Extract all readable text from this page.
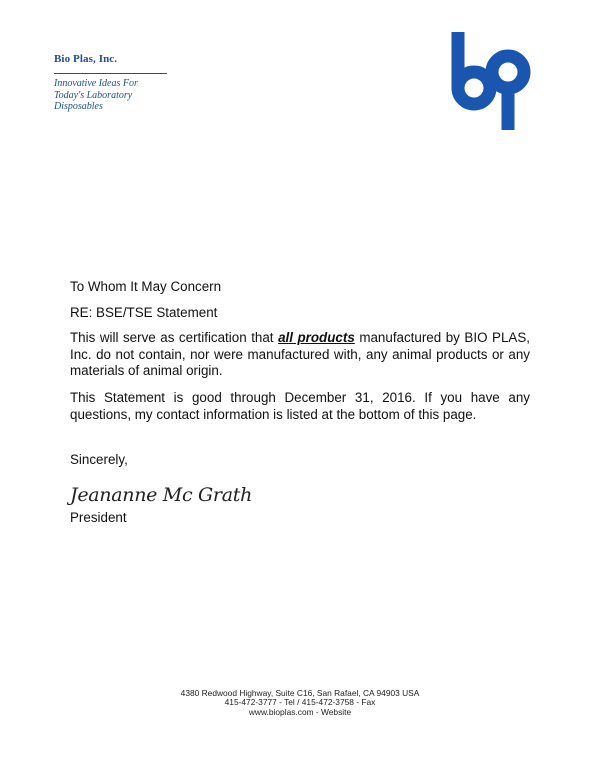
Bio Plas, Inc.
Innovative Ideas For
Today's Laboratory
Disposables
To Whom It May Concern
RE: BSE/TSE Statement
This will serve as certification that all products manufactured by BIO PLAS, Inc. do not contain, nor were manufactured with, any animal products or any materials of animal origin.
This Statement is good through December 31, 2016. If you have any questions, my contact information is listed at the bottom of this page.
Sincerely,
Jeananne Mc Grath
President
4380 Redwood Highway, Suite C16, San Rafael, CA 94903 USA
415-472-3777 - Tel / 415-472-3758 - Fax
www.bioplas.com - Website
